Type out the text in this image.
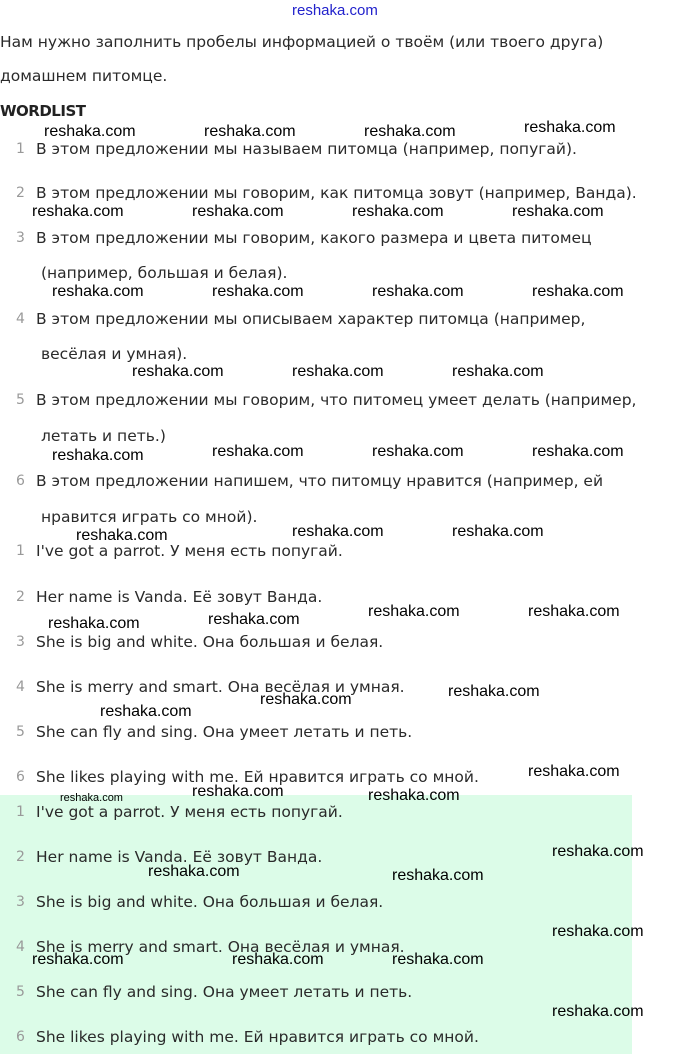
reshaka.com
Нам нужно заполнить пробелы информацией о твоём (или твоего друга)
домашнем питомце.
WORDLIST
1 В этом предложении мы называем питомца (например, попугай).
2 В этом предложении мы говорим, как питомца зовут (например, Ванда).
3 В этом предложении мы говорим, какого размера и цвета питомец
(например, большая и белая).
4 В этом предложении мы описываем характер питомца (например,
весёлая и умная).
5 В этом предложении мы говорим, что питомец умеет делать (например,
летать и петь.)
6 В этом предложении напишем, что питомцу нравится (например, ей
нравится играть со мной).
1 I've got a parrot. У меня есть попугай.
2 Her name is Vanda. Её зовут Ванда.
3 She is big and white. Она большая и белая.
4 She is merry and smart. Она весёлая и умная.
5 She can fly and sing. Она умеет летать и петь.
6 She likes playing with me. Ей нравится играть со мной.
1 I've got a parrot. У меня есть попугай.
2 Her name is Vanda. Её зовут Ванда.
3 She is big and white. Она большая и белая.
4 She is merry and smart. Она весёлая и умная.
5 She can fly and sing. Она умеет летать и петь.
6 She likes playing with me. Ей нравится играть со мной.
reshaka.com	reshaka.com	reshaka.com	reshaka.com
reshaka.com	reshaka.com	reshaka.com	reshaka.com
reshaka.com	reshaka.com	reshaka.com	reshaka.com
reshaka.com	reshaka.com	reshaka.com
reshaka.com	reshaka.com	reshaka.com	reshaka.com
reshaka.com	reshaka.com	reshaka.com
reshaka.com	reshaka.com
reshaka.com	reshaka.com
reshaka.com
reshaka.com
reshaka.com
reshaka.com
reshaka.com	reshaka.com
reshaka.com
reshaka.com	reshaka.com
reshaka.com
reshaka.com	reshaka.com	reshaka.com
reshaka.com
reshaka.com
